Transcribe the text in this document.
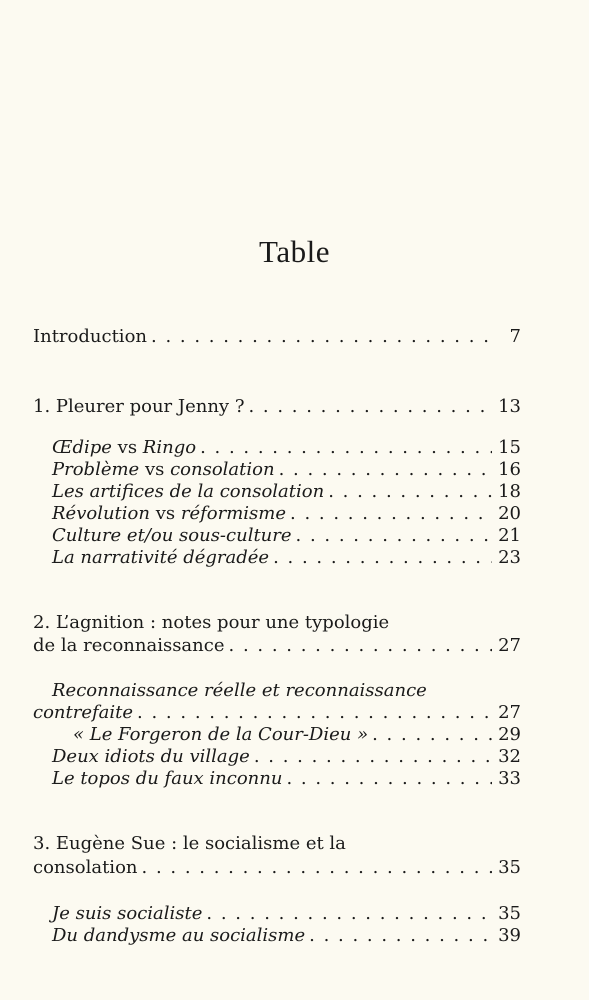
Table
Introduction . . .	7
1. Pleurer pour Jenny ? . . .	13
Œdipe vs Ringo . . .	15
Problème vs consolation . . .	16
Les artifices de la consolation . . .	18
Révolution vs réformisme . . .	20
Culture et/ou sous-culture . . .	21
La narrativité dégradée . . .	23
2. L’agnition : notes pour une typologie
de la reconnaissance . . .	27
Reconnaissance réelle et reconnaissance
contrefaite . . .	27
« Le Forgeron de la Cour-Dieu » . . .	29
Deux idiots du village . . .	32
Le topos du faux inconnu . . .	33
3. Eugène Sue : le socialisme et la
consolation . . .	35
Je suis socialiste . . .	35
Du dandysme au socialisme . . .	39
